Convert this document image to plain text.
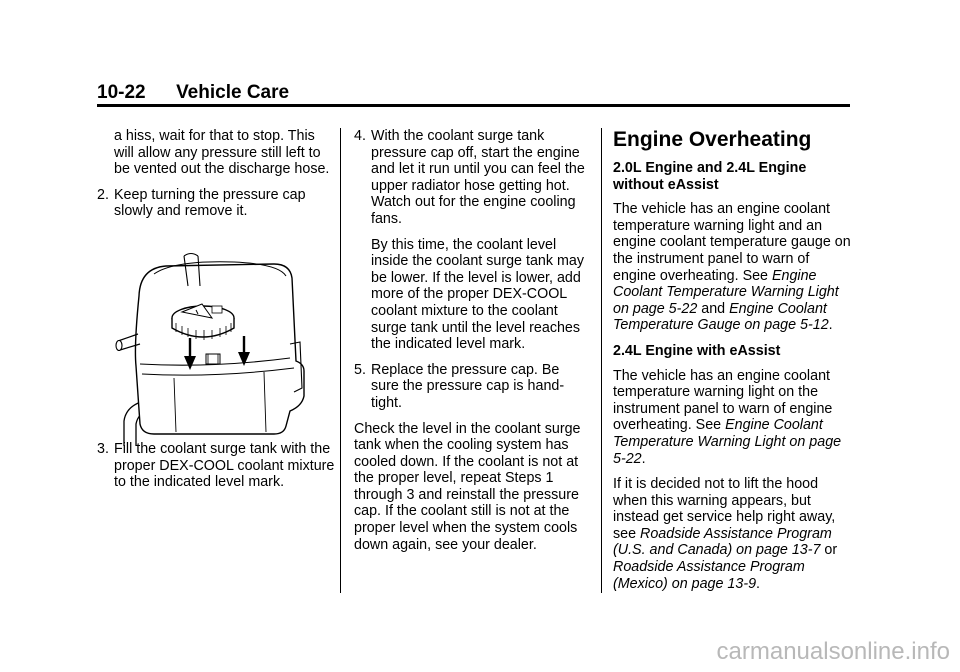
10-22 Vehicle Care

a hiss, wait for that to stop. This will allow any pressure still left to be vented out the discharge hose.

2. Keep turning the pressure cap slowly and remove it.
3. Fill the coolant surge tank with the proper DEX-COOL coolant mixture to the indicated level mark.
4. With the coolant surge tank pressure cap off, start the engine and let it run until you can feel the upper radiator hose getting hot. Watch out for the engine cooling fans.
By this time, the coolant level inside the coolant surge tank may be lower. If the level is lower, add more of the proper DEX-COOL coolant mixture to the coolant surge tank until the level reaches the indicated level mark.
5. Replace the pressure cap. Be sure the pressure cap is hand-tight.

Check the level in the coolant surge tank when the cooling system has cooled down. If the coolant is not at the proper level, repeat Steps 1 through 3 and reinstall the pressure cap. If the coolant still is not at the proper level when the system cools down again, see your dealer.

Engine Overheating
2.0L Engine and 2.4L Engine without eAssist

The vehicle has an engine coolant temperature warning light and an engine coolant temperature gauge on the instrument panel to warn of engine overheating. See Engine Coolant Temperature Warning Light on page 5-22 and Engine Coolant Temperature Gauge on page 5-12.

2.4L Engine with eAssist

The vehicle has an engine coolant temperature warning light on the instrument panel to warn of engine overheating. See Engine Coolant Temperature Warning Light on page 5-22.

If it is decided not to lift the hood when this warning appears, but instead get service help right away, see Roadside Assistance Program (U.S. and Canada) on page 13-7 or Roadside Assistance Program (Mexico) on page 13-9.

carmanualsonline.info
